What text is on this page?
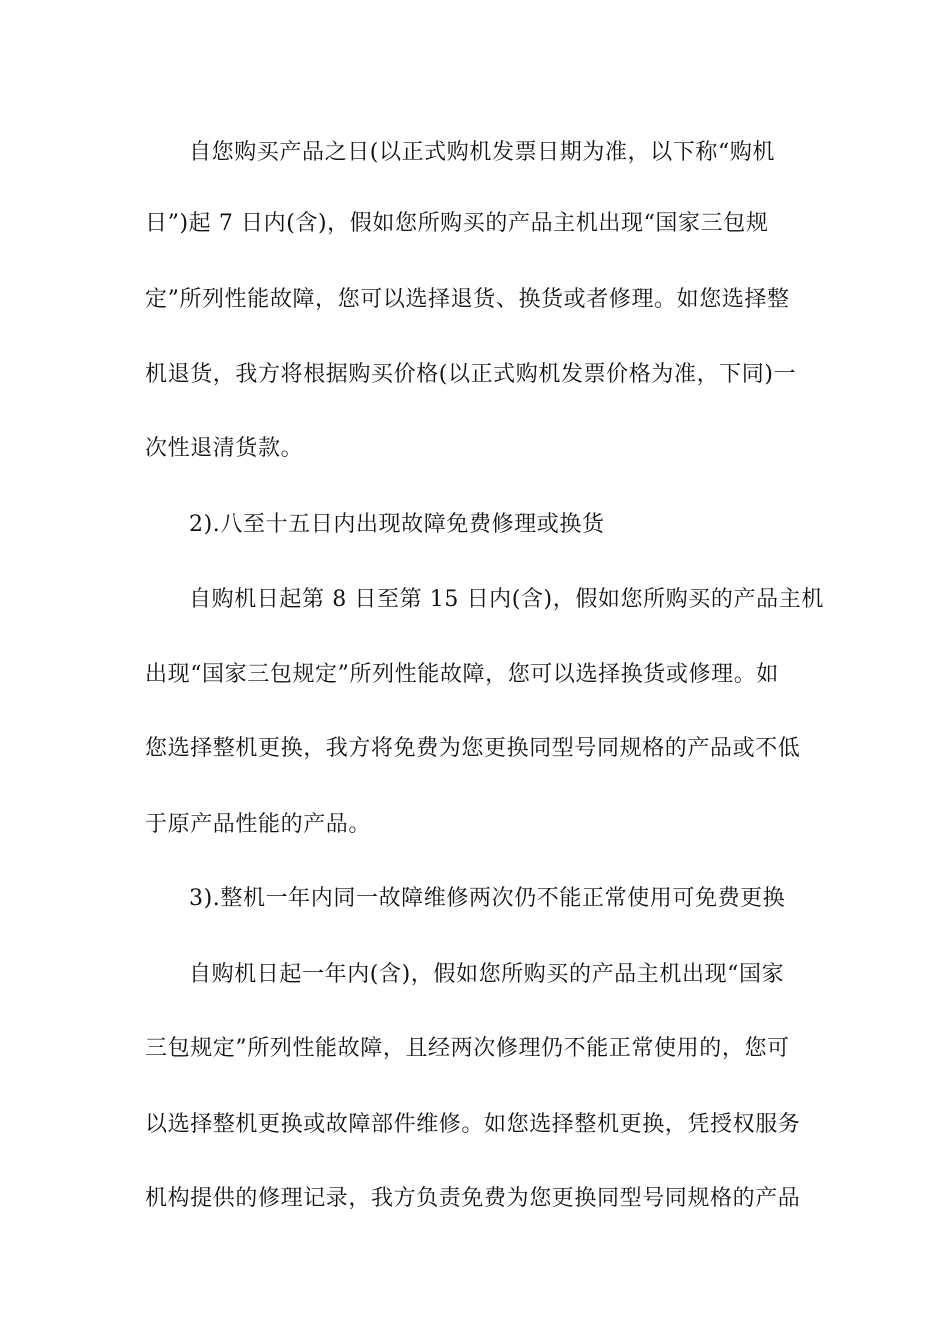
自您购买产品之日(以正式购机发票日期为准，以下称“购机

日”)起 7 日内(含)，假如您所购买的产品主机出现“国家三包规

定”所列性能故障，您可以选择退货、换货或者修理。如您选择整

机退货，我方将根据购买价格(以正式购机发票价格为准，下同)一

次性退清货款。

2).八至十五日内出现故障免费修理或换货

自购机日起第 8 日至第 15 日内(含)，假如您所购买的产品主机

出现“国家三包规定”所列性能故障，您可以选择换货或修理。如

您选择整机更换，我方将免费为您更换同型号同规格的产品或不低

于原产品性能的产品。

3).整机一年内同一故障维修两次仍不能正常使用可免费更换

自购机日起一年内(含)，假如您所购买的产品主机出现“国家

三包规定”所列性能故障，且经两次修理仍不能正常使用的，您可

以选择整机更换或故障部件维修。如您选择整机更换，凭授权服务

机构提供的修理记录，我方负责免费为您更换同型号同规格的产品
